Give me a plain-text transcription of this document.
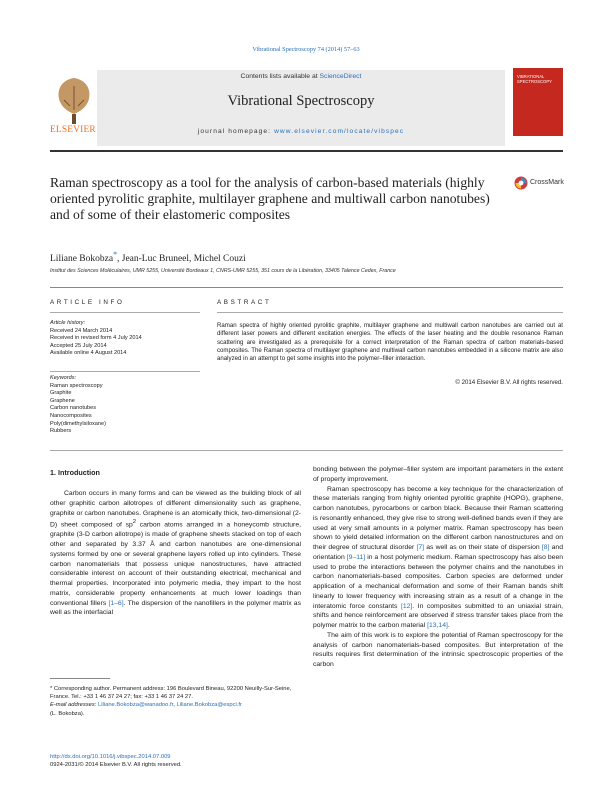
Vibrational Spectroscopy 74 (2014) 57–63
ELSEVIER
Contents lists available at ScienceDirect
Vibrational Spectroscopy
journal homepage: www.elsevier.com/locate/vibspec
VIBRATIONAL SPECTROSCOPY
Raman spectroscopy as a tool for the analysis of carbon-based materials (highly oriented pyrolitic graphite, multilayer graphene and multiwall carbon nanotubes) and of some of their elastomeric composites
CrossMark
Liliane Bokobza*, Jean-Luc Bruneel, Michel Couzi
Institut des Sciences Moléculaires, UMR 5255, Université Bordeaux 1, CNRS-UMR 5255, 351 cours de la Libération, 33405 Talence Cedex, France
ARTICLE INFO	ABSTRACT
Article history:
Received 24 March 2014
Received in revised form 4 July 2014
Accepted 25 July 2014
Available online 4 August 2014
Keywords:
Raman spectroscopy
Graphite
Graphene
Carbon nanotubes
Nanocomposites
Poly(dimethylsiloxane)
Rubbers
Raman spectra of highly oriented pyrolitic graphite, multilayer graphene and multiwall carbon nanotubes are carried out at different laser powers and different excitation energies. The effects of the laser heating and the double resonance Raman scattering are investigated as a prerequisite for a correct interpretation of the Raman spectra of carbon materials-based composites. The Raman spectra of multilayer graphene and multiwall carbon nanotubes embedded in a silicone matrix are also analyzed in an attempt to get some insights into the polymer–filler interaction.
© 2014 Elsevier B.V. All rights reserved.
1. Introduction

Carbon occurs in many forms and can be viewed as the building block of all other graphitic carbon allotropes of different dimensionality such as graphene, graphite or carbon nanotubes. Graphene is an atomically thick, two-dimensional (2-D) sheet composed of $sp^2$ carbon atoms arranged in a honeycomb structure, graphite (3-D carbon allotrope) is made of graphene sheets stacked on top of each other and separated by 3.37 Å and carbon nanotubes are one-dimensional systems formed by one or several graphene layers rolled up into cylinders. These carbon nanomaterials that possess unique nanostructures, have attracted considerable interest on account of their outstanding electrical, mechanical and thermal properties. Incorporated into polymeric media, they impart to the host matrix, considerable property enhancements at much lower loadings than conventional fillers [1–6]. The dispersion of the nanofillers in the polymer matrix as well as the interfacial

bonding between the polymer–filler system are important parameters in the extent of property improvement.

Raman spectroscopy has become a key technique for the characterization of these materials ranging from highly oriented pyrolitic graphite (HOPG), graphene, carbon nanotubes, pyrocarbons or carbon black. Because their Raman scattering is resonantly enhanced, they give rise to strong well-defined bands even if they are used at very small amounts in a polymer matrix. Raman spectroscopy has been shown to yield detailed information on the different carbon nanostructures and on their degree of structural disorder [7] as well as on their state of dispersion [8] and orientation [9–11] in a host polymeric medium. Raman spectroscopy has also been used to probe the interactions between the polymer chains and the nanotubes in carbon nanomaterials-based composites. Carbon species are deformed under application of a mechanical deformation and some of their Raman bands shift linearly to lower frequency with increasing strain as a result of a change in the interatomic force constants [12]. In composites submitted to an uniaxial strain, shifts and hence reinforcement are observed if stress transfer takes place from the polymer matrix to the carbon material [13,14].

The aim of this work is to explore the potential of Raman spectroscopy for the analysis of carbon nanomaterials-based composites. But interpretation of the results requires first determination of the intrinsic spectroscopic properties of the carbon

* Corresponding author. Permanent address: 196 Boulevard Bineau, 92200 Neuilly-Sur-Seine, France. Tel.: +33 1 46 37 24 27; fax: +33 1 46 37 24 27.
E-mail addresses: Liliane.Bokobza@wanadoo.fr, Liliane.Bokobza@espci.fr
(L. Bokobza).
http://dx.doi.org/10.1016/j.vibspec.2014.07.009
0924-2031/© 2014 Elsevier B.V. All rights reserved.
